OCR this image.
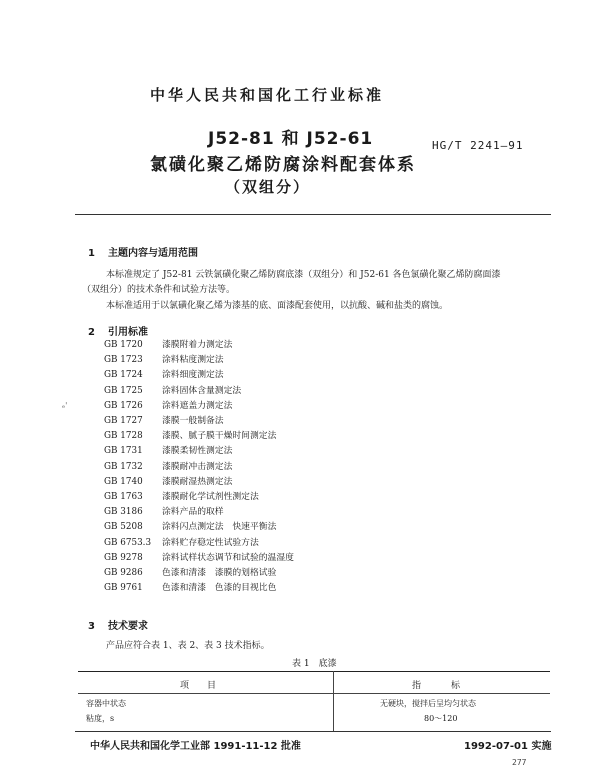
中华人民共和国化工行业标准
J52-81 和 J52-61	HG/T 2241—91
氯磺化聚乙烯防腐涂料配套体系
（双组分）
1 主题内容与适用范围
本标准规定了 J52-81 云铁氯磺化聚乙烯防腐底漆（双组分）和 J52-61 各色氯磺化聚乙烯防腐面漆
（双组分）的技术条件和试验方法等。
本标准适用于以氯磺化聚乙烯为漆基的底、面漆配套使用，以抗酸、碱和盐类的腐蚀。
2 引用标准
GB 1720 漆膜附着力测定法
GB 1723 涂料粘度测定法
GB 1724 涂料细度测定法
GB 1725 涂料固体含量测定法
GB 1726 涂料遮盖力测定法
GB 1727 漆膜一般制备法
GB 1728 漆膜、腻子膜干燥时间测定法
GB 1731 漆膜柔韧性测定法
GB 1732 漆膜耐冲击测定法
GB 1740 漆膜耐湿热测定法
GB 1763 漆膜耐化学试剂性测定法
GB 3186 涂料产品的取样
GB 5208 涂料闪点测定法　快速平衡法
GB 6753.3 涂料贮存稳定性试验方法
GB 9278 涂料试样状态调节和试验的温湿度
GB 9286 色漆和清漆　漆膜的划格试验
GB 9761 色漆和清漆　色漆的目视比色
ₑ'
3 技术要求
产品应符合表 1、表 2、表 3 技术指标。
表 1　底漆
项目	指标
容器中状态	无硬块，搅拌后呈均匀状态
粘度，s	80～120
中华人民共和国化学工业部 1991-11-12 批准	1992-07-01 实施
277
